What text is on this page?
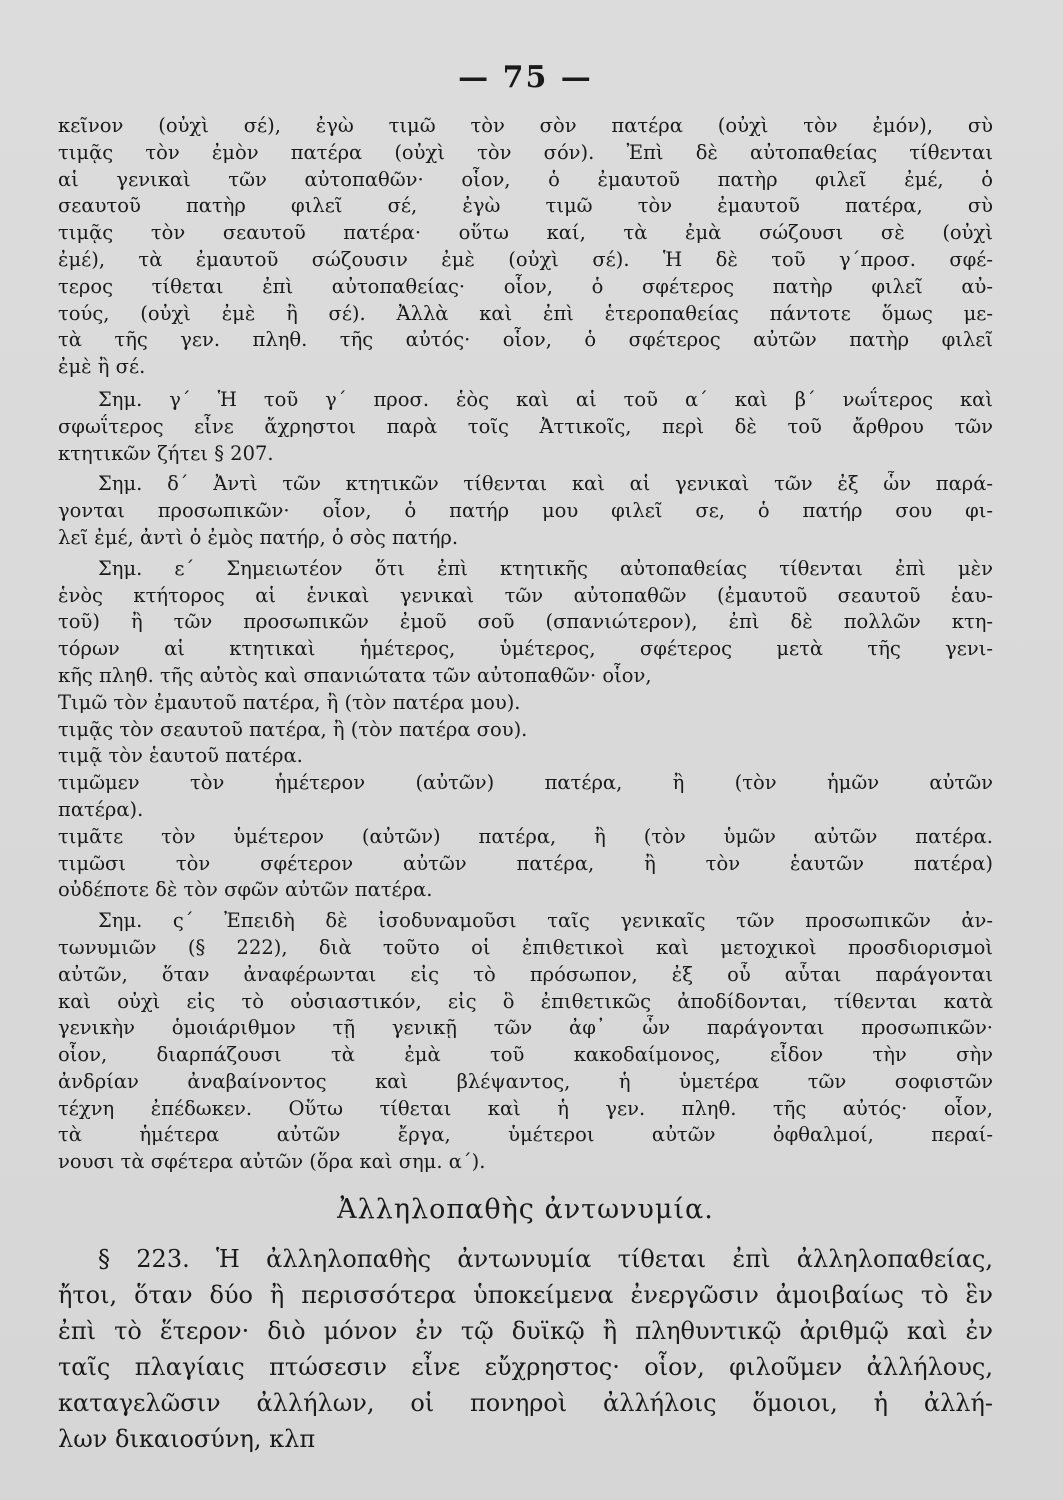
— 75 —
κεῖνον (οὐχὶ σέ), ἐγὼ τιμῶ τὸν σὸν πατέρα (οὐχὶ τὸν ἐμόν), σὺ
τιμᾷς τὸν ἐμὸν πατέρα (οὐχὶ τὸν σόν). Ἐπὶ δὲ αὐτοπαθείας τίθενται
αἱ γενικαὶ τῶν αὐτοπαθῶν· οἷον, ὁ ἐμαυτοῦ πατὴρ φιλεῖ ἐμέ, ὁ
σεαυτοῦ πατὴρ φιλεῖ σέ, ἐγὼ τιμῶ τὸν ἐμαυτοῦ πατέρα, σὺ
τιμᾷς τὸν σεαυτοῦ πατέρα· οὕτω καί, τὰ ἐμὰ σώζουσι σὲ (οὐχὶ
ἐμέ), τὰ ἐμαυτοῦ σώζουσιν ἐμὲ (οὐχὶ σέ). Ἡ δὲ τοῦ γ΄προσ. σφέ-
τερος τίθεται ἐπὶ αὐτοπαθείας· οἷον, ὁ σφέτερος πατὴρ φιλεῖ αὐ-
τούς, (οὐχὶ ἐμὲ ἢ σέ). Ἀλλὰ καὶ ἐπὶ ἑτεροπαθείας πάντοτε ὅμως με-
τὰ τῆς γεν. πληθ. τῆς αὐτός· οἷον, ὁ σφέτερος αὐτῶν πατὴρ φιλεῖ
ἐμὲ ἢ σέ.
Σημ. γ΄ Ἡ τοῦ γ΄ προσ. ἑὸς καὶ αἱ τοῦ α΄ καὶ β΄ νωΐτερος καὶ
σφωΐτερος εἶνε ἄχρηστοι παρὰ τοῖς Ἀττικοῖς, περὶ δὲ τοῦ ἄρθρου τῶν
κτητικῶν ζήτει § 207.
Σημ. δ΄ Ἀντὶ τῶν κτητικῶν τίθενται καὶ αἱ γενικαὶ τῶν ἐξ ὧν παρά-
γονται προσωπικῶν· οἷον, ὁ πατήρ μου φιλεῖ σε, ὁ πατήρ σου φι-
λεῖ ἐμέ, ἀντὶ ὁ ἐμὸς πατήρ, ὁ σὸς πατήρ.
Σημ. ε΄ Σημειωτέον ὅτι ἐπὶ κτητικῆς αὐτοπαθείας τίθενται ἐπὶ μὲν
ἑνὸς κτήτορος αἱ ἑνικαὶ γενικαὶ τῶν αὐτοπαθῶν (ἐμαυτοῦ σεαυτοῦ ἑαυ-
τοῦ) ἢ τῶν προσωπικῶν ἐμοῦ σοῦ (σπανιώτερον), ἐπὶ δὲ πολλῶν κτη-
τόρων αἱ κτητικαὶ ἡμέτερος, ὑμέτερος, σφέτερος μετὰ τῆς γενι-
κῆς πληθ. τῆς αὐτὸς καὶ σπανιώτατα τῶν αὐτοπαθῶν· οἷον,
Τιμῶ τὸν ἐμαυτοῦ πατέρα, ἢ (τὸν πατέρα μου).
τιμᾷς τὸν σεαυτοῦ πατέρα, ἢ (τὸν πατέρα σου).
τιμᾷ τὸν ἑαυτοῦ πατέρα.
τιμῶμεν τὸν ἡμέτερον (αὐτῶν) πατέρα, ἢ (τὸν ἡμῶν αὐτῶν
πατέρα).
τιμᾶτε τὸν ὑμέτερον (αὐτῶν) πατέρα, ἢ (τὸν ὑμῶν αὐτῶν πατέρα.
τιμῶσι τὸν σφέτερον αὐτῶν πατέρα, ἢ τὸν ἑαυτῶν πατέρα)
οὐδέποτε δὲ τὸν σφῶν αὐτῶν πατέρα.
Σημ. ς΄ Ἐπειδὴ δὲ ἰσοδυναμοῦσι ταῖς γενικαῖς τῶν προσωπικῶν ἀν-
τωνυμιῶν (§ 222), διὰ τοῦτο οἱ ἐπιθετικοὶ καὶ μετοχικοὶ προσδιορισμοὶ
αὐτῶν, ὅταν ἀναφέρωνται εἰς τὸ πρόσωπον, ἐξ οὗ αὗται παράγονται
καὶ οὐχὶ εἰς τὸ οὐσιαστικόν, εἰς ὃ ἐπιθετικῶς ἀποδίδονται, τίθενται κατὰ
γενικὴν ὁμοιάριθμον τῇ γενικῇ τῶν ἀφ᾽ ὧν παράγονται προσωπικῶν·
οἷον, διαρπάζουσι τὰ ἐμὰ τοῦ κακοδαίμονος, εἶδον τὴν σὴν
ἀνδρίαν ἀναβαίνοντος καὶ βλέψαντος, ἡ ὑμετέρα τῶν σοφιστῶν
τέχνη ἐπέδωκεν. Οὕτω τίθεται καὶ ἡ γεν. πληθ. τῆς αὐτός· οἷον,
τὰ ἡμέτερα αὐτῶν ἔργα, ὑμέτεροι αὐτῶν ὀφθαλμοί, περαί-
νουσι τὰ σφέτερα αὐτῶν (ὅρα καὶ σημ. α΄).
Ἀλληλοπαθὴς ἀντωνυμία.
§ 223. Ἡ ἀλληλοπαθὴς ἀντωνυμία τίθεται ἐπὶ ἀλληλοπαθείας,
ἤτοι, ὅταν δύο ἢ περισσότερα ὑποκείμενα ἐνεργῶσιν ἀμοιβαίως τὸ ἓν
ἐπὶ τὸ ἕτερον· διὸ μόνον ἐν τῷ δυϊκῷ ἢ πληθυντικῷ ἀριθμῷ καὶ ἐν
ταῖς πλαγίαις πτώσεσιν εἶνε εὔχρηστος· οἷον, φιλοῦμεν ἀλλήλους,
καταγελῶσιν ἀλλήλων, οἱ πονηροὶ ἀλλήλοις ὅμοιοι, ἡ ἀλλή-
λων δικαιοσύνη, κλπ
